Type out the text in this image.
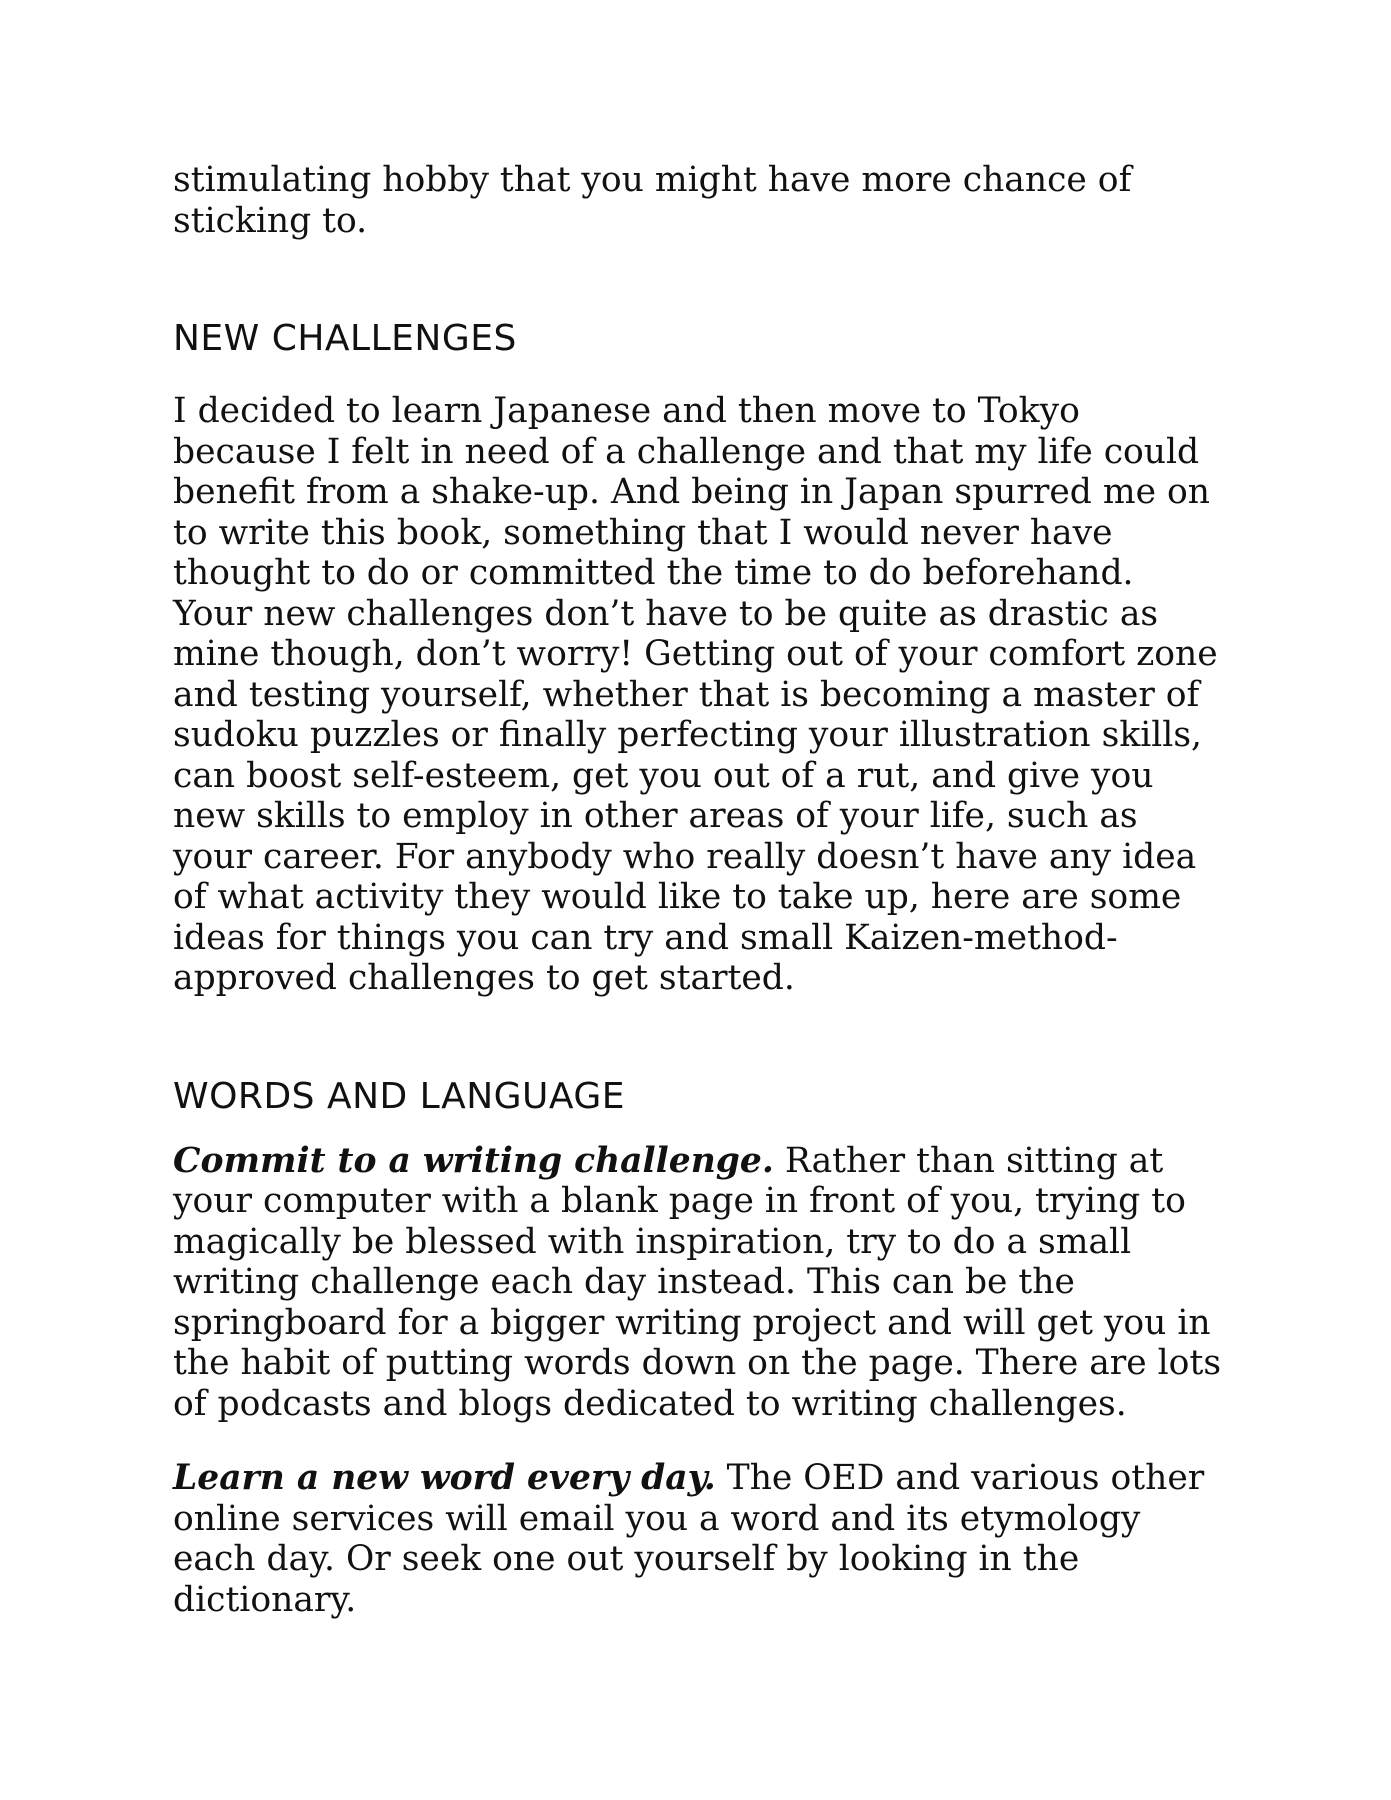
stimulating hobby that you might have more chance of sticking to.

NEW CHALLENGES

I decided to learn Japanese and then move to Tokyo because I felt in need of a challenge and that my life could benefit from a shake-up. And being in Japan spurred me on to write this book, something that I would never have thought to do or committed the time to do beforehand. Your new challenges don’t have to be quite as drastic as mine though, don’t worry! Getting out of your comfort zone and testing yourself, whether that is becoming a master of sudoku puzzles or finally perfecting your illustration skills, can boost self-esteem, get you out of a rut, and give you new skills to employ in other areas of your life, such as your career. For anybody who really doesn’t have any idea of what activity they would like to take up, here are some ideas for things you can try and small Kaizen-method-approved challenges to get started.

WORDS AND LANGUAGE

Commit to a writing challenge. Rather than sitting at your computer with a blank page in front of you, trying to magically be blessed with inspiration, try to do a small writing challenge each day instead. This can be the springboard for a bigger writing project and will get you in the habit of putting words down on the page. There are lots of podcasts and blogs dedicated to writing challenges.

Learn a new word every day. The OED and various other online services will email you a word and its etymology each day. Or seek one out yourself by looking in the dictionary.
